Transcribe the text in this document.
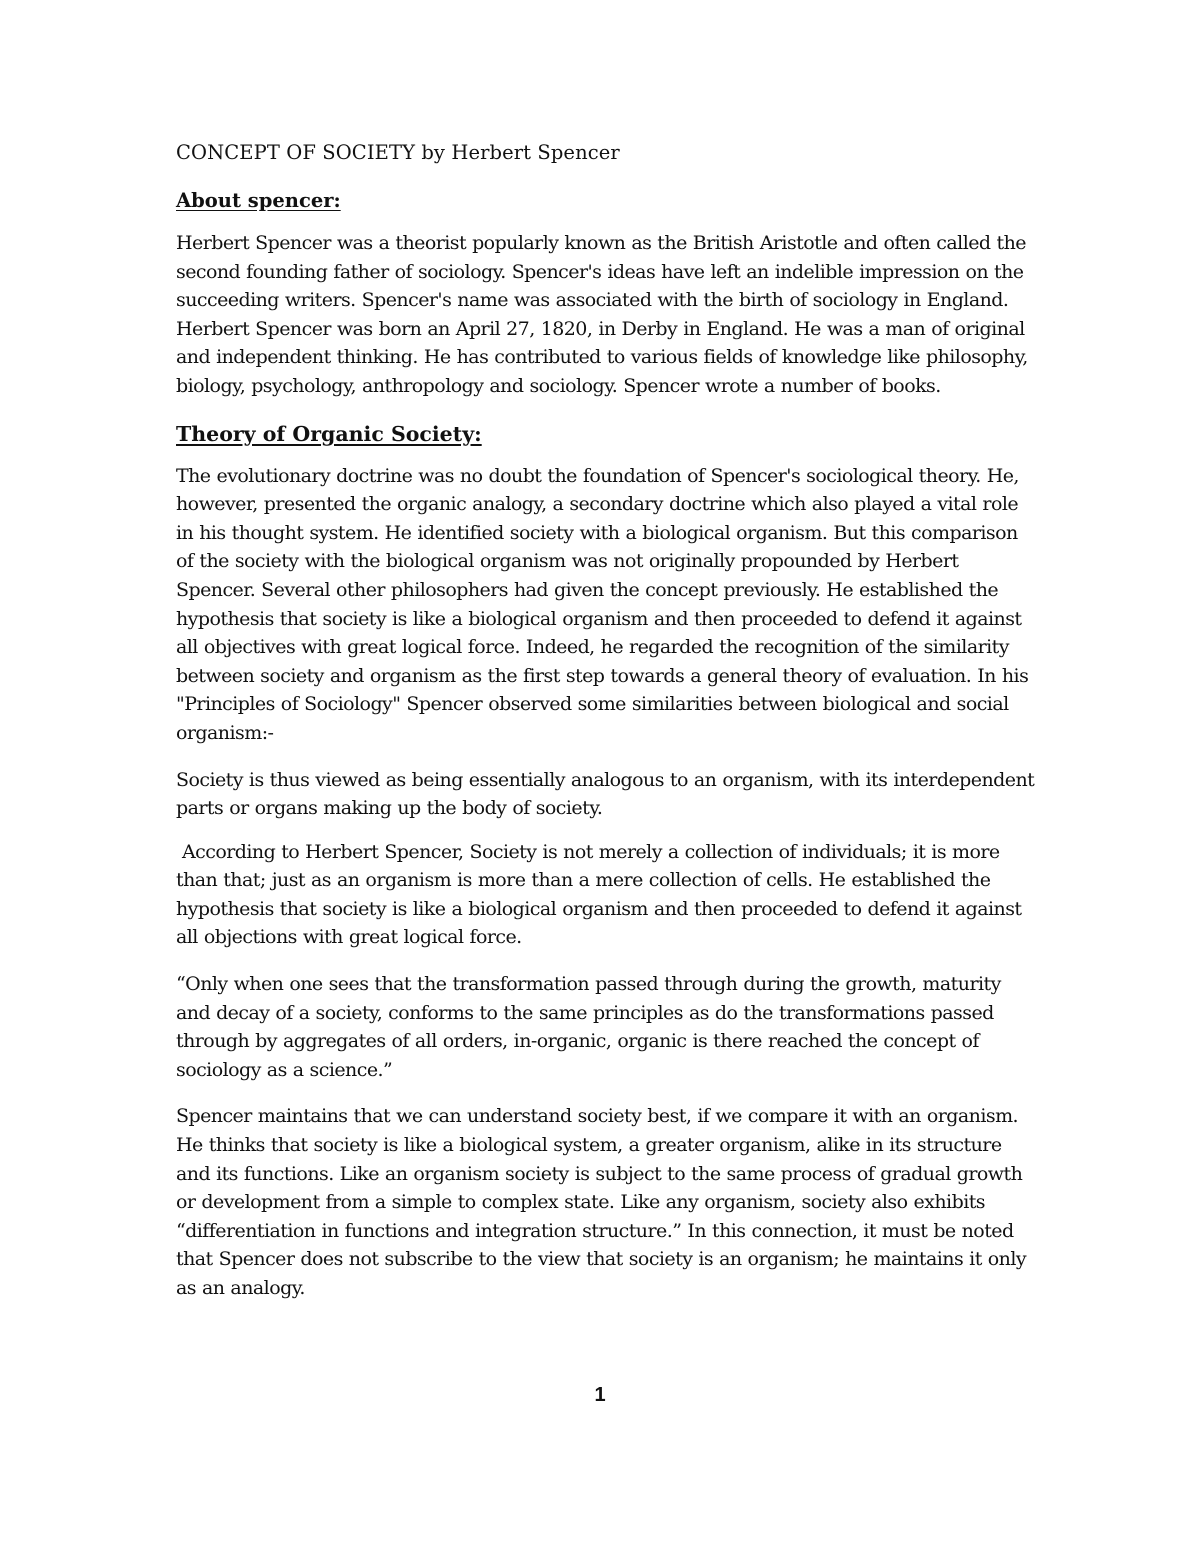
CONCEPT OF SOCIETY by Herbert Spencer
About spencer:

Herbert Spencer was a theorist popularly known as the British Aristotle and often called the second founding father of sociology. Spencer's ideas have left an indelible impression on the succeeding writers. Spencer's name was associated with the birth of sociology in England. Herbert Spencer was born an April 27, 1820, in Derby in England. He was a man of original and independent thinking. He has contributed to various fields of knowledge like philosophy, biology, psychology, anthropology and sociology. Spencer wrote a number of books.

Theory of Organic Society:

The evolutionary doctrine was no doubt the foundation of Spencer's sociological theory. He, however, presented the organic analogy, a secondary doctrine which also played a vital role in his thought system. He identified society with a biological organism. But this comparison of the society with the biological organism was not originally propounded by Herbert Spencer. Several other philosophers had given the concept previously. He established the hypothesis that society is like a biological organism and then proceeded to defend it against all objectives with great logical force. Indeed, he regarded the recognition of the similarity between society and organism as the first step towards a general theory of evaluation. In his "Principles of Sociology" Spencer observed some similarities between biological and social organism:-

Society is thus viewed as being essentially analogous to an organism, with its interdependent parts or organs making up the body of society.

According to Herbert Spencer, Society is not merely a collection of individuals; it is more than that; just as an organism is more than a mere collection of cells. He established the hypothesis that society is like a biological organism and then proceeded to defend it against all objections with great logical force.

“Only when one sees that the transformation passed through during the growth, maturity and decay of a society, conforms to the same principles as do the transformations passed through by aggregates of all orders, in-organic, organic is there reached the concept of sociology as a science.”

Spencer maintains that we can understand society best, if we compare it with an organism. He thinks that society is like a biological system, a greater organism, alike in its structure and its functions. Like an organism society is subject to the same process of gradual growth or development from a simple to complex state. Like any organism, society also exhibits “differentiation in functions and integration structure.” In this connection, it must be noted that Spencer does not subscribe to the view that society is an organism; he maintains it only as an analogy.

1
